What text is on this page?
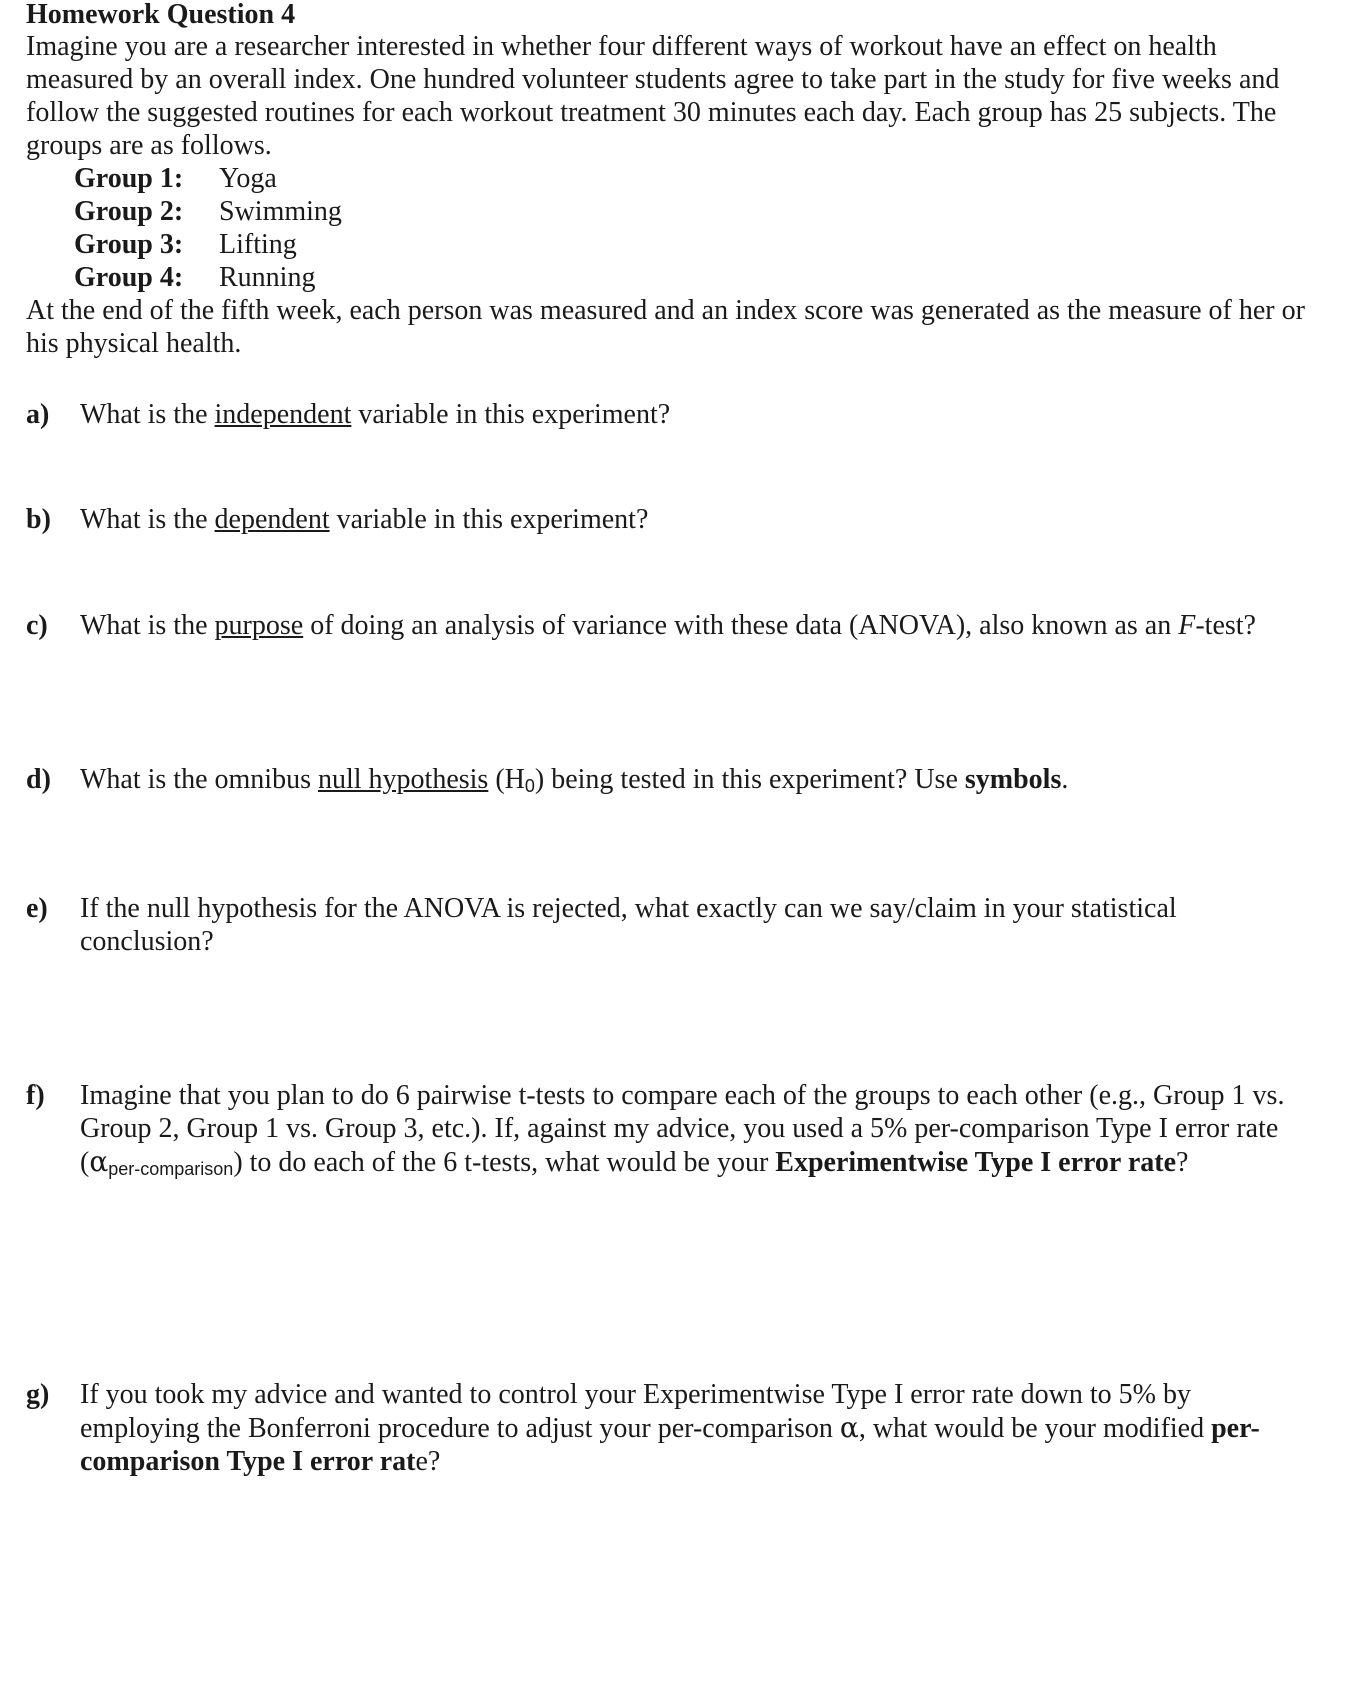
Homework Question 4

Imagine you are a researcher interested in whether four different ways of workout have an effect on health measured by an overall index. One hundred volunteer students agree to take part in the study for five weeks and follow the suggested routines for each workout treatment 30 minutes each day. Each group has 25 subjects. The groups are as follows.

Group 1:	Yoga
Group 2:	Swimming
Group 3:	Lifting
Group 4:	Running

At the end of the fifth week, each person was measured and an index score was generated as the measure of her or his physical health.

a)	What is the independent variable in this experiment?
b)	What is the dependent variable in this experiment?
c)	What is the purpose of doing an analysis of variance with these data (ANOVA), also known as an F-test?
d)	What is the omnibus null hypothesis $(H_0)$ being tested in this experiment? Use symbols.
e)	If the null hypothesis for the ANOVA is rejected, what exactly can we say/claim in your statistical conclusion?
f)	Imagine that you plan to do 6 pairwise t-tests to compare each of the groups to each other (e.g., Group 1 vs. Group 2, Group 1 vs. Group 3, etc.). If, against my advice, you used a 5% per-comparison Type I error rate $(\alpha_{per-comparison})$ to do each of the 6 t-tests, what would be your Experimentwise Type I error rate?
g)	If you took my advice and wanted to control your Experimentwise Type I error rate down to 5% by employing the Bonferroni procedure to adjust your per-comparison α, what would be your modified per-comparison Type I error rate?
